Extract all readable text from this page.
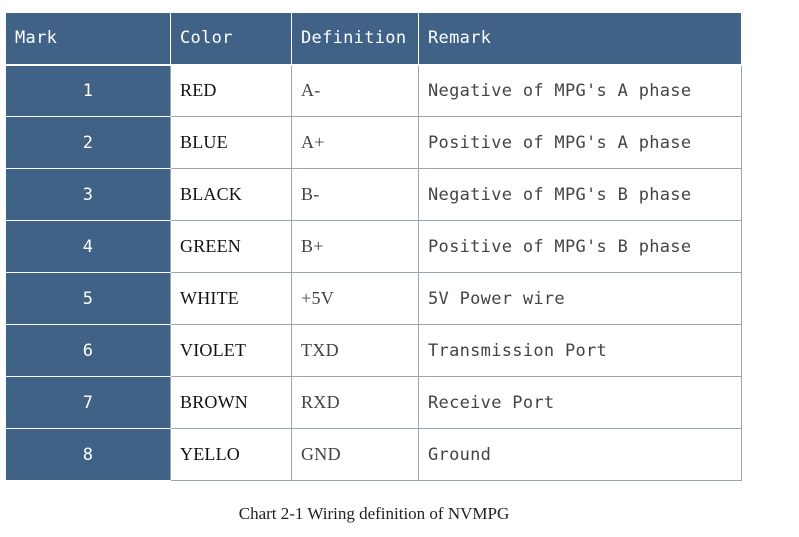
Mark	Color	Definition	Remark
1	RED	A-	Negative of MPG's A phase
2	BLUE	A+	Positive of MPG's A phase
3	BLACK	B-	Negative of MPG's B phase
4	GREEN	B+	Positive of MPG's B phase
5	WHITE	+5V	5V Power wire
6	VIOLET	TXD	Transmission Port
7	BROWN	RXD	Receive Port
8	YELLO	GND	Ground
Chart 2-1 Wiring definition of NVMPG
